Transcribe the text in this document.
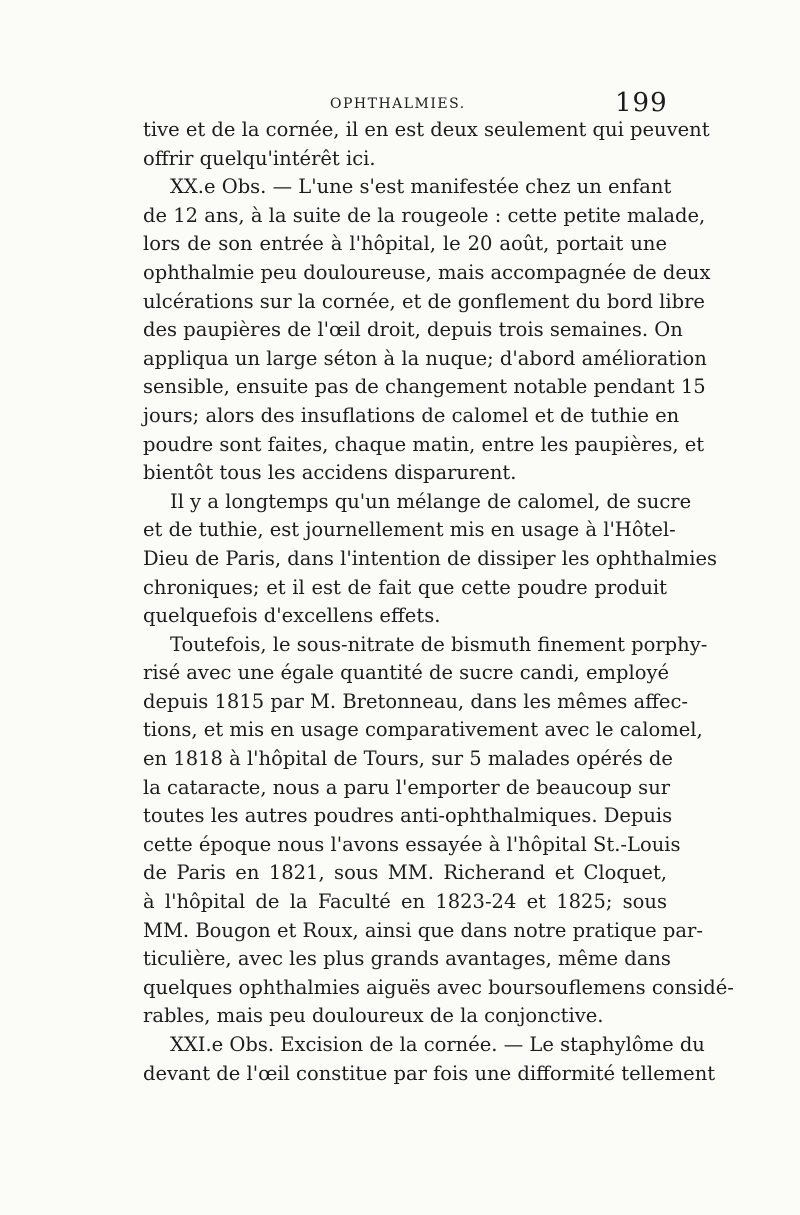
OPHTHALMIES.	199
tive et de la cornée, il en est deux seulement qui peuvent
offrir quelqu'intérêt ici.
XX.e Obs. — L'une s'est manifestée chez un enfant
de 12 ans, à la suite de la rougeole : cette petite malade,
lors de son entrée à l'hôpital, le 20 août, portait une
ophthalmie peu douloureuse, mais accompagnée de deux
ulcérations sur la cornée, et de gonflement du bord libre
des paupières de l'œil droit, depuis trois semaines. On
appliqua un large séton à la nuque; d'abord amélioration
sensible, ensuite pas de changement notable pendant 15
jours; alors des insuflations de calomel et de tuthie en
poudre sont faites, chaque matin, entre les paupières, et
bientôt tous les accidens disparurent.
Il y a longtemps qu'un mélange de calomel, de sucre
et de tuthie, est journellement mis en usage à l'Hôtel-
Dieu de Paris, dans l'intention de dissiper les ophthalmies
chroniques; et il est de fait que cette poudre produit
quelquefois d'excellens effets.
Toutefois, le sous-nitrate de bismuth finement porphy-
risé avec une égale quantité de sucre candi, employé
depuis 1815 par M. Bretonneau, dans les mêmes affec-
tions, et mis en usage comparativement avec le calomel,
en 1818 à l'hôpital de Tours, sur 5 malades opérés de
la cataracte, nous a paru l'emporter de beaucoup sur
toutes les autres poudres anti-ophthalmiques. Depuis
cette époque nous l'avons essayée à l'hôpital St.-Louis
de Paris en 1821, sous MM. Richerand et Cloquet,
à l'hôpital de la Faculté en 1823-24 et 1825; sous
MM. Bougon et Roux, ainsi que dans notre pratique par-
ticulière, avec les plus grands avantages, même dans
quelques ophthalmies aiguës avec boursouflemens considé-
rables, mais peu douloureux de la conjonctive.
XXI.e Obs. Excision de la cornée. — Le staphylôme du
devant de l'œil constitue par fois une difformité tellement
